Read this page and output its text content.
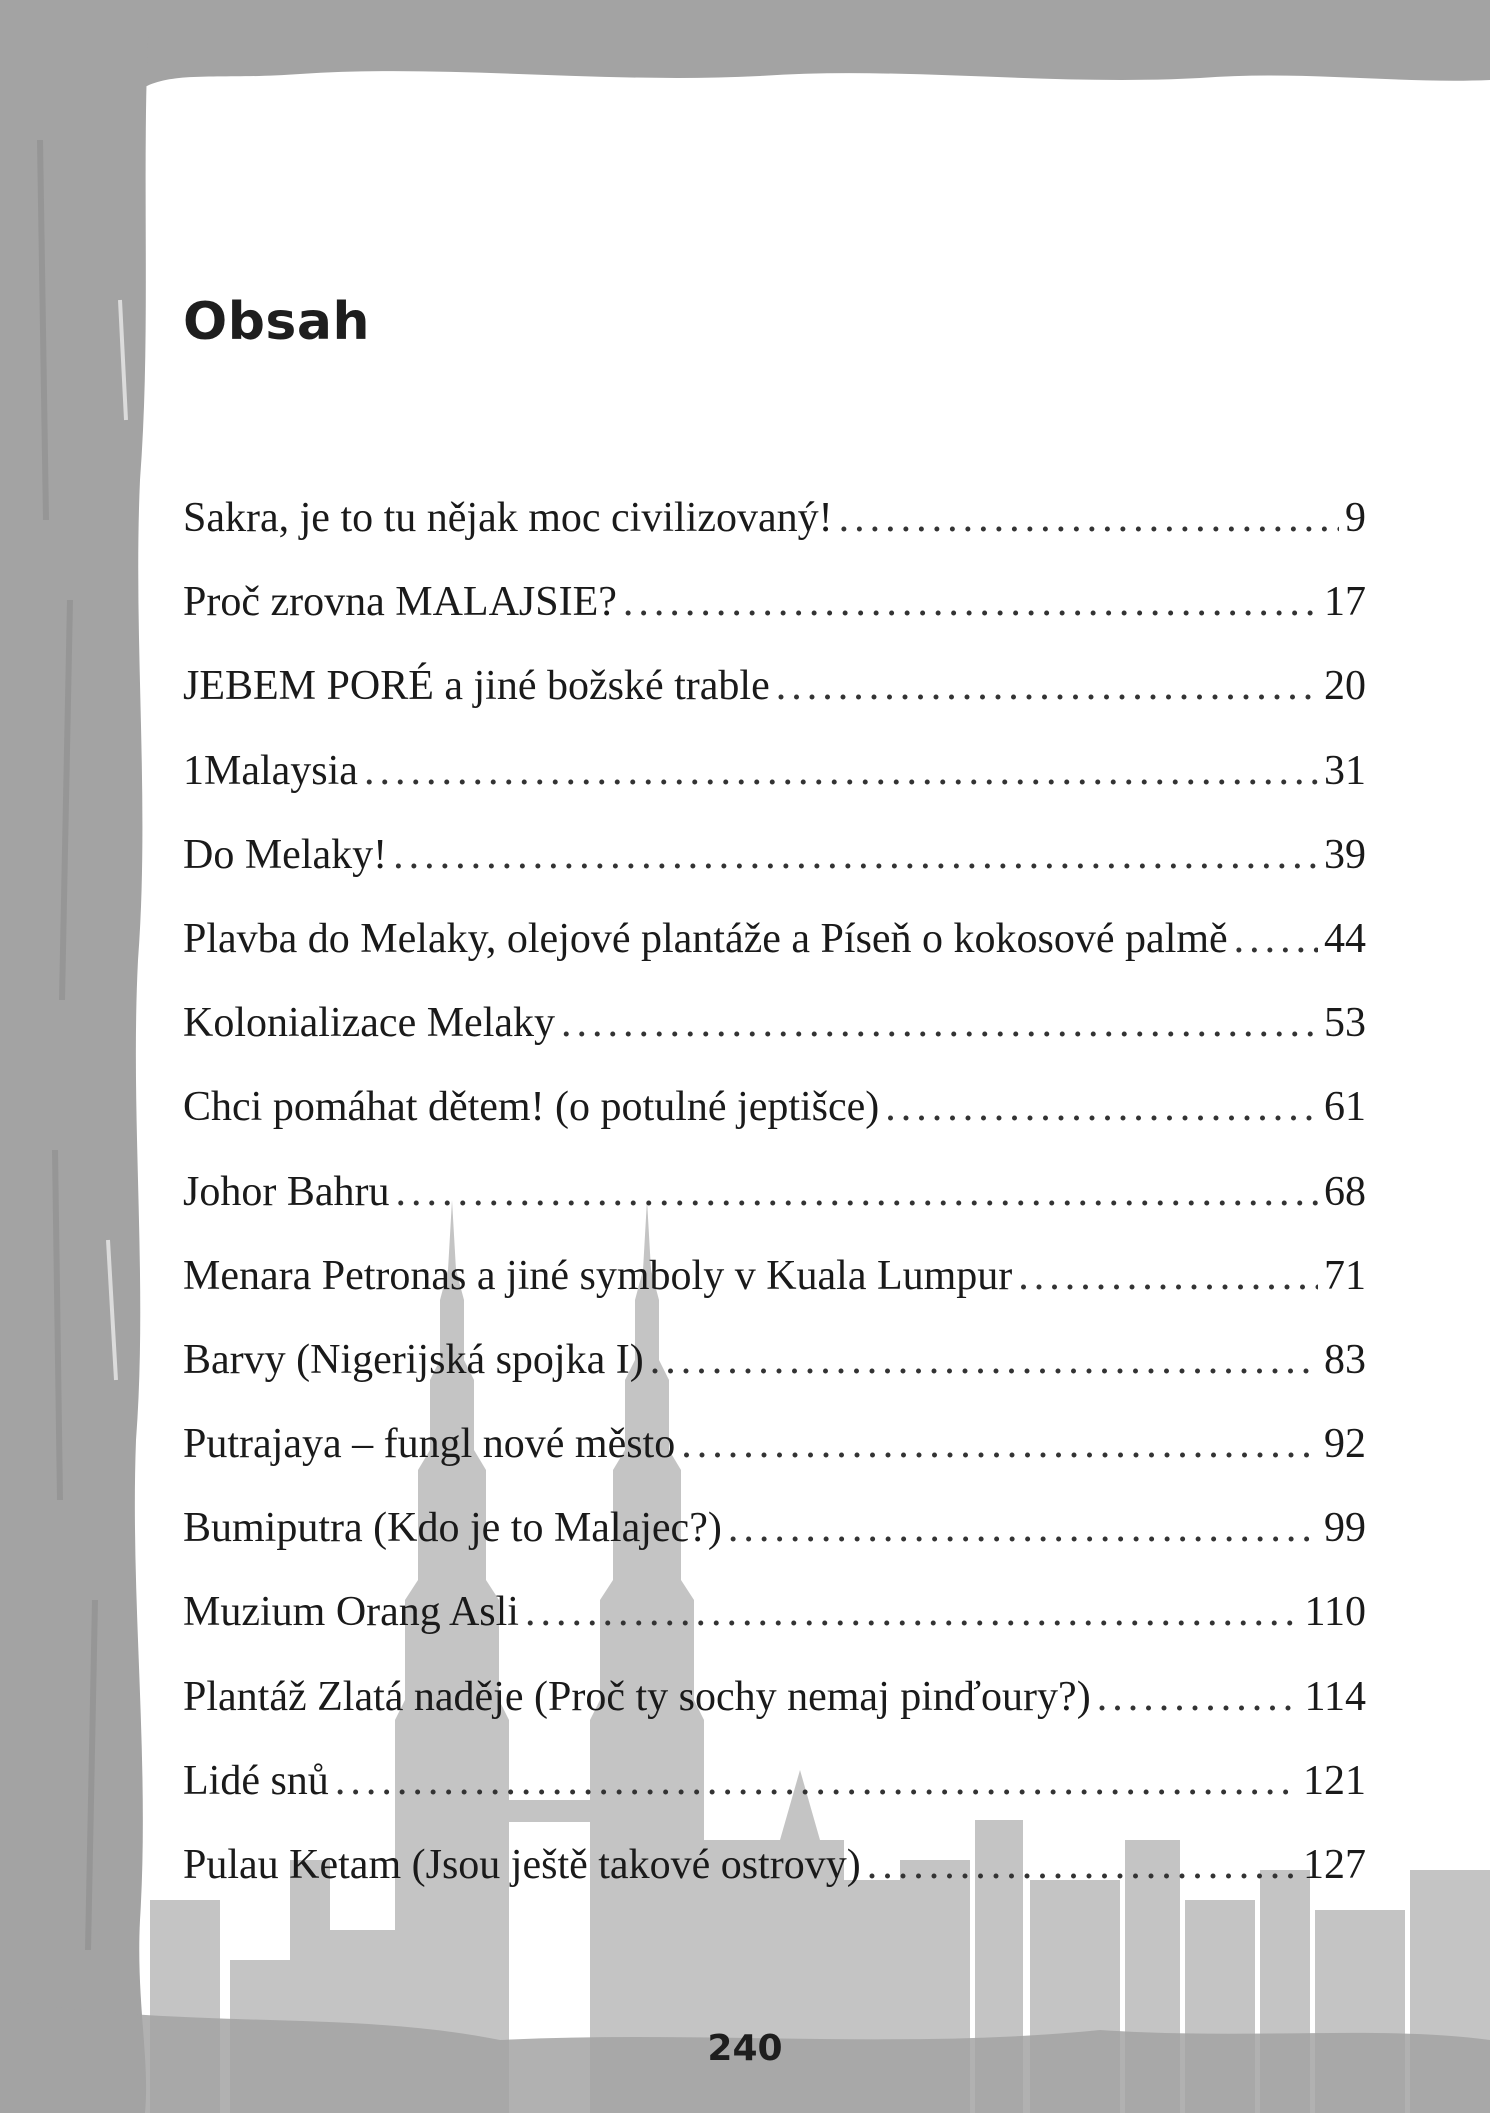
Obsah
Sakra, je to tu nějak moc civilizovaný! .....	9
Proč zrovna MALAJSIE? .....	17
JEBEM PORÉ a jiné božské trable .....	20
1Malaysia .....	31
Do Melaky! .....	39
Plavba do Melaky, olejové plantáže a Píseň o kokosové palmě ..... 44
Kolonializace Melaky .....	53
Chci pomáhat dětem! (o potulné jeptišce) .....	61
Johor Bahru .....	68
Menara Petronas a jiné symboly v Kuala Lumpur .....	71
Barvy (Nigerijská spojka I) .....	83
Putrajaya – fungl nové město .....	92
Bumiputra (Kdo je to Malajec?) .....	99
Muzium Orang Asli .....	110
Plantáž Zlatá naděje (Proč ty sochy nemaj pinďoury?) .....	114
Lidé snů .....	121
Pulau Ketam (Jsou ještě takové ostrovy) .....	127
240
